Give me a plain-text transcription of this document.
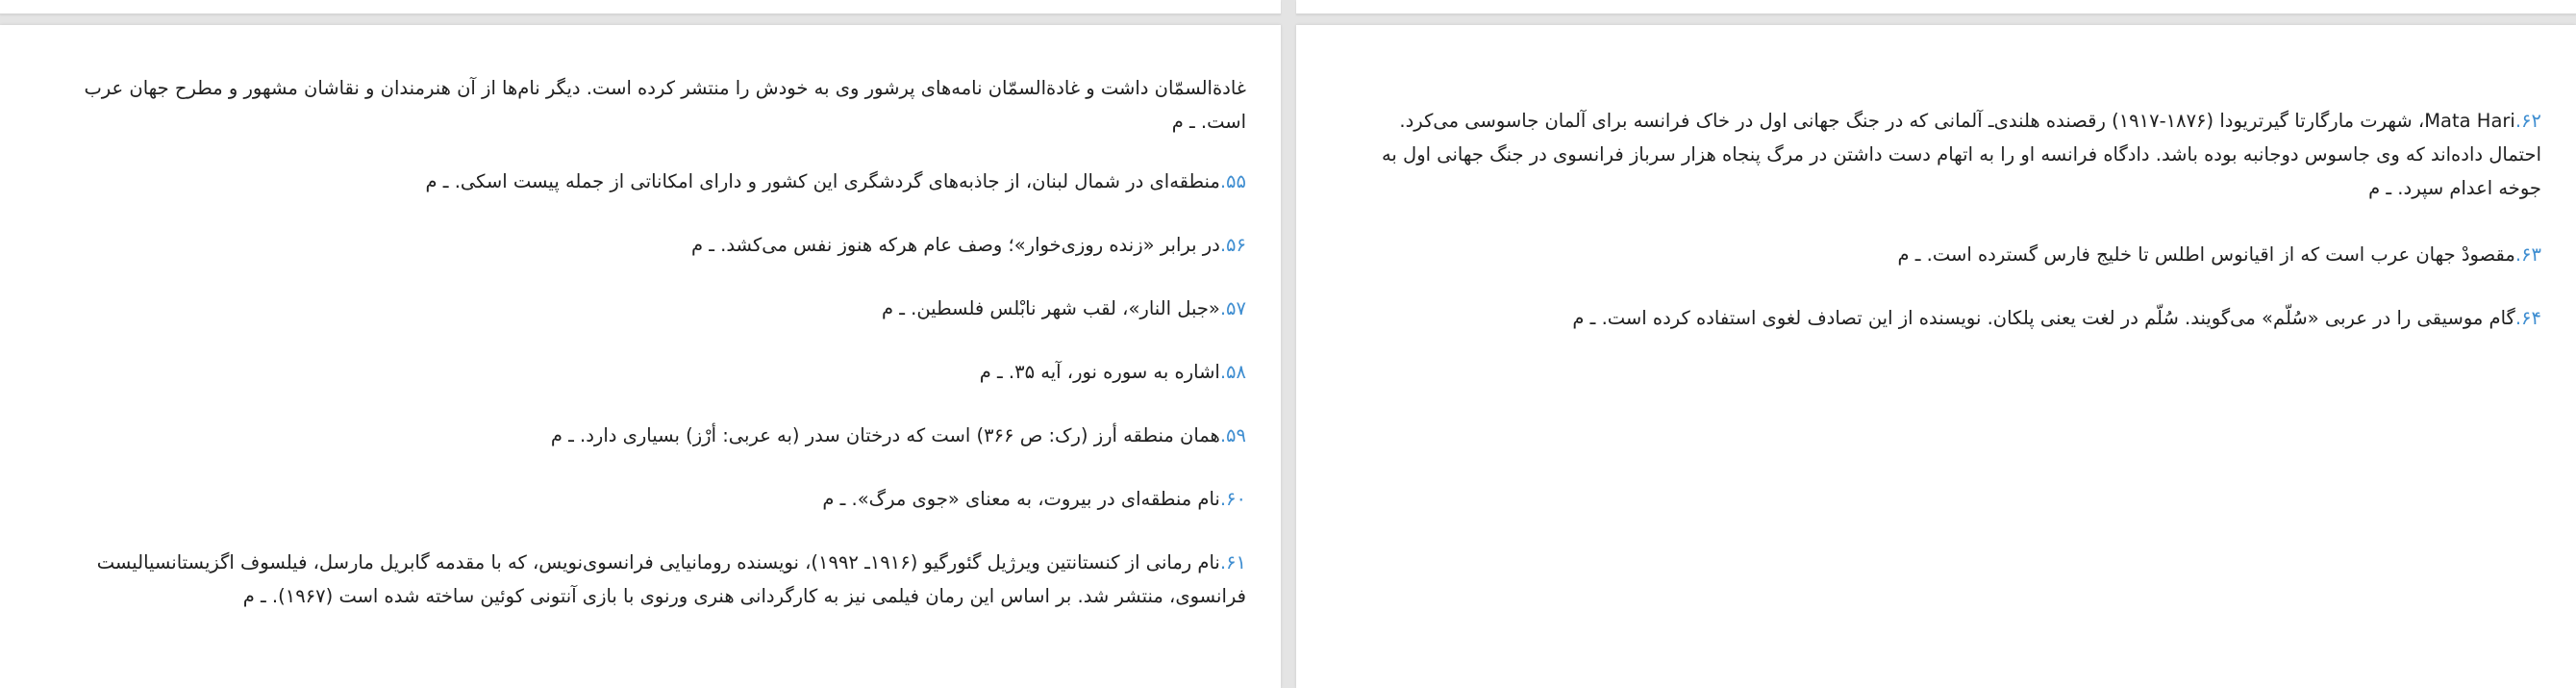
غادةالسمّان داشت و غادةالسمّان نامه‌های پرشور وی به خودش را منتشر کرده است. دیگر نام‌ها از آن هنرمندان و نقاشان مشهور و مطرح جهان عرب
است. ـ م

۵۵.منطقه‌ای در شمال لبنان، از جاذبه‌های گردشگری این کشور و دارای امکاناتی از جمله پیست اسکی. ـ م

۵۶.در برابر «زنده روزی‌خوار»؛ وصف عام هرکه هنوز نفس می‌کشد. ـ م

۵۷.«جبل النار»، لقب شهر نابْلس فلسطین. ـ م

۵۸.اشاره به سوره نور، آیه ۳۵. ـ م

۵۹.همان منطقه أرز (رک: ص ۳۶۶) است که درختان سدر (به عربی: أرْز) بسیاری دارد. ـ م

۶۰.نام منطقه‌ای در بیروت، به معنای «جوی مرگ». ـ م

۶۱.نام رمانی از کنستانتین ویرژیل گئورگیو (۱۹۱۶ـ ۱۹۹۲)، نویسنده رومانیایی فرانسوی‌نویس، که با مقدمه گابریل مارسل، فیلسوف اگزیستانسیالیست
فرانسوی، منتشر شد. بر اساس این رمان فیلمی نیز به کارگردانی هنری ورنوی با بازی آنتونی کوئین ساخته شده است (۱۹۶۷). ـ م

۶۲.Mata Hari، شهرت مارگارتا گیرتریودا (۱۸۷۶-۱۹۱۷) رقصنده هلندی‌ـ آلمانی که در جنگ جهانی اول در خاک فرانسه برای آلمان جاسوسی می‌کرد.
احتمال داده‌اند که وی جاسوس دوجانبه بوده باشد. دادگاه فرانسه او را به اتهام دست داشتن در مرگ پنجاه هزار سرباز فرانسوی در جنگ جهانی اول به
جوخه اعدام سپرد. ـ م

۶۳.مقصودْ جهان عرب است که از اقیانوس اطلس تا خلیج فارس گسترده است. ـ م

۶۴.گام موسیقی را در عربی «سُلّم» می‌گویند. سُلّم در لغت یعنی پلکان. نویسنده از این تصادف لغوی استفاده کرده است. ـ م
